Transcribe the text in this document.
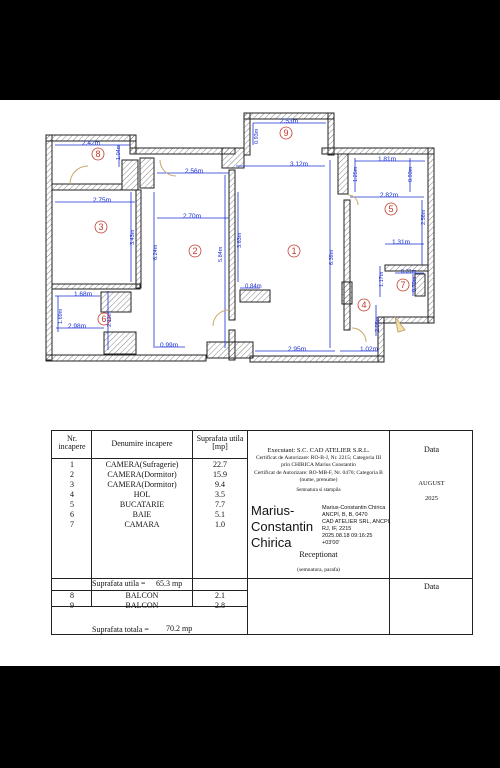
2.42m
1.04m
0.93m
2.53m
1.81m
2.56m
3.12m
1.25m	0.93m
2.75m
2.82m
2.70m
3.43m
6.24m	5.84m
3.83m
6.39m
2.56m
1.31m
1.17m	0.31m
0.70m
0.84m
1.68m
1.69m	2.12m
2.98m	2.05m
0.99m
2.95m	1.02m
8
9
3
2	1
5
4
7
6
Nr. incapere	Denumire incapere
Suprafata utila [mp]	Data
Data
1	CAMERA(Sufragerie)	22.7
2	CAMERA(Dormitor)	15.9
3	CAMERA(Dormitor)	9.4
4	HOL	3.5
5	BUCATARIE	7.7
6	BAIE	5.1
7	CAMARA	1.0
Suprafata utila =	65.3 mp
8	BALCON	2.1
9	BALCON	2.8
Suprafata totala =	70.2 mp
Executant: S.C. CAD ATELIER S.R.L.
Certificat de Autorizare: RO-B-J, Nr. 2215; Categoria III
prin CHIRICA Marius Constantin
Certificat de Autorizare: RO-MB-F, Nr. 0470; Categoria B
(nume, prenume)
Semnatura si stampila
Marius-Constantin Chirica
Marius-Constantin Chirica
ANCPI, B, B, 0470
CAD ATELIER SRL, ANCPI,
RJ, IF, 2215
2025.08.18 09:16:25
+03'00'
AUGUST
2025
Receptionat
(semnatura, parafa)
